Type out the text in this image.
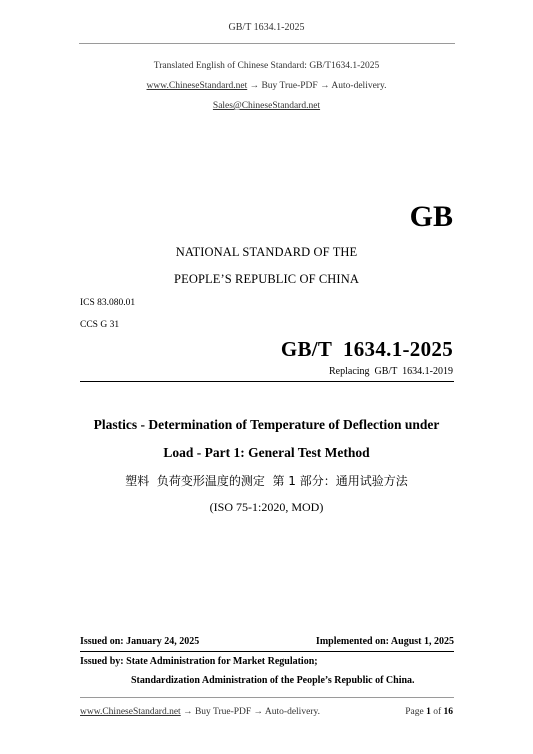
GB/T 1634.1-2025
Translated English of Chinese Standard: GB/T1634.1-2025
www.ChineseStandard.net → Buy True-PDF → Auto-delivery.
Sales@ChineseStandard.net
GB
NATIONAL STANDARD OF THE
PEOPLE’S REPUBLIC OF CHINA
ICS 83.080.01
CCS G 31
GB/T  1634.1-2025
Replacing  GB/T  1634.1-2019
Plastics - Determination of Temperature of Deflection under
Load - Part 1: General Test Method
塑料  负荷变形温度的测定  第 1 部分：通用试验方法
(ISO 75-1:2020, MOD)
Issued on: January 24, 2025	Implemented on: August 1, 2025
Issued by: State Administration for Market Regulation;
Standardization Administration of the People’s Republic of China.
www.ChineseStandard.net → Buy True-PDF → Auto-delivery.	Page 1 of 16
